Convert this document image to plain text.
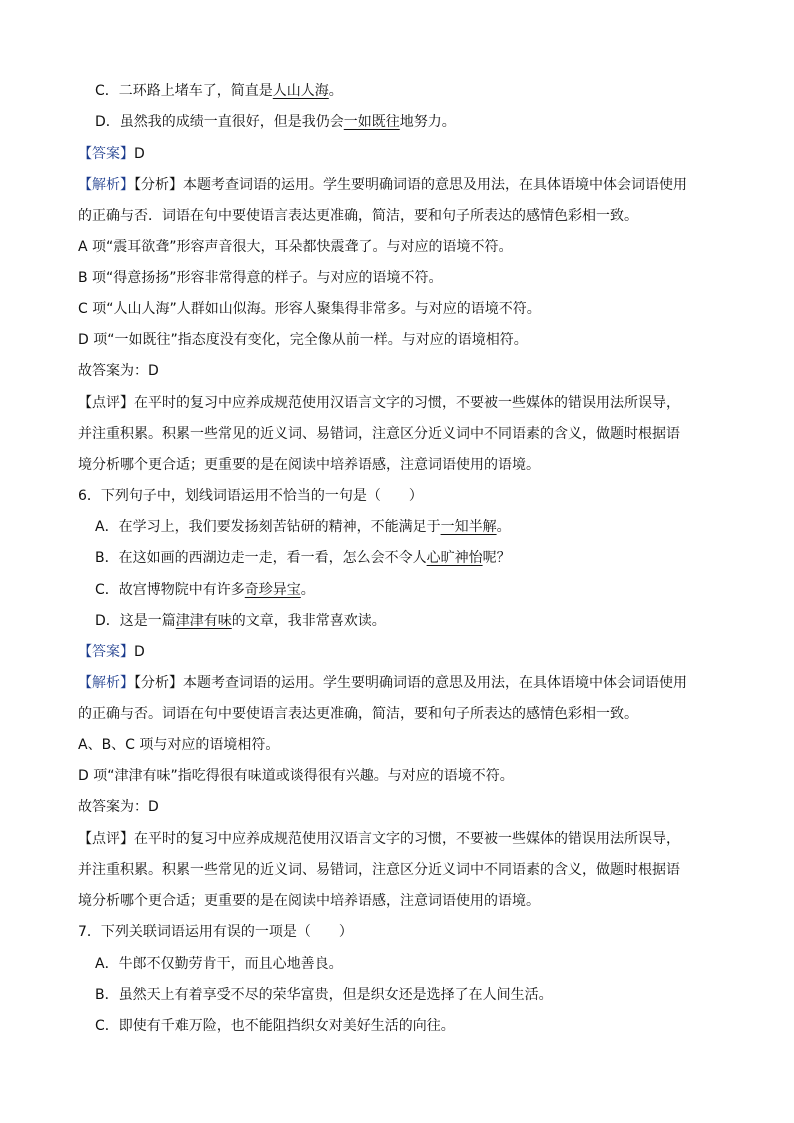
C．二环路上堵车了，简直是人山人海。
D．虽然我的成绩一直很好，但是我仍会一如既往地努力。
【答案】D
【解析】【分析】本题考查词语的运用。学生要明确词语的意思及用法，在具体语境中体会词语使用
的正确与否．词语在句中要使语言表达更准确，简洁，要和句子所表达的感情色彩相一致。
A 项“震耳欲聋”形容声音很大，耳朵都快震聋了。与对应的语境不符。
B 项“得意扬扬”形容非常得意的样子。与对应的语境不符。
C 项“人山人海”人群如山似海。形容人聚集得非常多。与对应的语境不符。
D 项“一如既往”指态度没有变化，完全像从前一样。与对应的语境相符。
故答案为：D
【点评】在平时的复习中应养成规范使用汉语言文字的习惯，不要被一些媒体的错误用法所误导，
并注重积累。积累一些常见的近义词、易错词，注意区分近义词中不同语素的含义，做题时根据语
境分析哪个更合适；更重要的是在阅读中培养语感，注意词语使用的语境。
6．下列句子中，划线词语运用不恰当的一句是（　　）
A．在学习上，我们要发扬刻苦钻研的精神，不能满足于一知半解。
B．在这如画的西湖边走一走，看一看，怎么会不令人心旷神怡呢？
C．故宫博物院中有许多奇珍异宝。
D．这是一篇津津有味的文章，我非常喜欢读。
【答案】D
【解析】【分析】本题考查词语的运用。学生要明确词语的意思及用法，在具体语境中体会词语使用
的正确与否。词语在句中要使语言表达更准确，简洁，要和句子所表达的感情色彩相一致。
A、B、C 项与对应的语境相符。
D 项“津津有味”指吃得很有味道或谈得很有兴趣。与对应的语境不符。
故答案为：D
【点评】在平时的复习中应养成规范使用汉语言文字的习惯，不要被一些媒体的错误用法所误导，
并注重积累。积累一些常见的近义词、易错词，注意区分近义词中不同语素的含义，做题时根据语
境分析哪个更合适；更重要的是在阅读中培养语感，注意词语使用的语境。
7．下列关联词语运用有误的一项是（　　）
A．牛郎不仅勤劳肯干，而且心地善良。
B．虽然天上有着享受不尽的荣华富贵，但是织女还是选择了在人间生活。
C．即使有千难万险，也不能阻挡织女对美好生活的向往。
